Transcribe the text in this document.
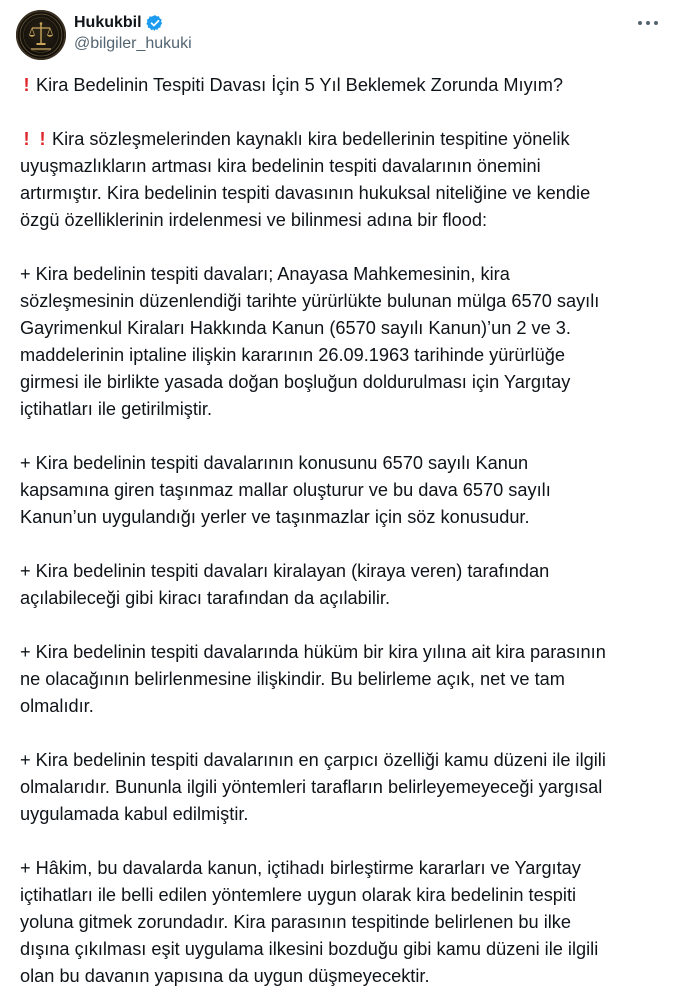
Hukukbil
@bilgiler_hukuki

! Kira Bedelinin Tespiti Davası İçin 5 Yıl Beklemek Zorunda Mıyım?

! ! Kira sözleşmelerinden kaynaklı kira bedellerinin tespitine yönelik

uyuşmazlıkların artması kira bedelinin tespiti davalarının önemini

artırmıştır. Kira bedelinin tespiti davasının hukuksal niteliğine ve kendie

özgü özelliklerinin irdelenmesi ve bilinmesi adına bir flood:

+ Kira bedelinin tespiti davaları; Anayasa Mahkemesinin, kira

sözleşmesinin düzenlendiği tarihte yürürlükte bulunan mülga 6570 sayılı

Gayrimenkul Kiraları Hakkında Kanun (6570 sayılı Kanun)’un 2 ve 3.

maddelerinin iptaline ilişkin kararının 26.09.1963 tarihinde yürürlüğe

girmesi ile birlikte yasada doğan boşluğun doldurulması için Yargıtay

içtihatları ile getirilmiştir.

+ Kira bedelinin tespiti davalarının konusunu 6570 sayılı Kanun

kapsamına giren taşınmaz mallar oluşturur ve bu dava 6570 sayılı

Kanun’un uygulandığı yerler ve taşınmazlar için söz konusudur.

+ Kira bedelinin tespiti davaları kiralayan (kiraya veren) tarafından

açılabileceği gibi kiracı tarafından da açılabilir.

+ Kira bedelinin tespiti davalarında hüküm bir kira yılına ait kira parasının

ne olacağının belirlenmesine ilişkindir. Bu belirleme açık, net ve tam

olmalıdır.

+ Kira bedelinin tespiti davalarının en çarpıcı özelliği kamu düzeni ile ilgili

olmalarıdır. Bununla ilgili yöntemleri tarafların belirleyemeyeceği yargısal

uygulamada kabul edilmiştir.

+ Hâkim, bu davalarda kanun, içtihadı birleştirme kararları ve Yargıtay

içtihatları ile belli edilen yöntemlere uygun olarak kira bedelinin tespiti

yoluna gitmek zorundadır. Kira parasının tespitinde belirlenen bu ilke

dışına çıkılması eşit uygulama ilkesini bozduğu gibi kamu düzeni ile ilgili

olan bu davanın yapısına da uygun düşmeyecektir.
